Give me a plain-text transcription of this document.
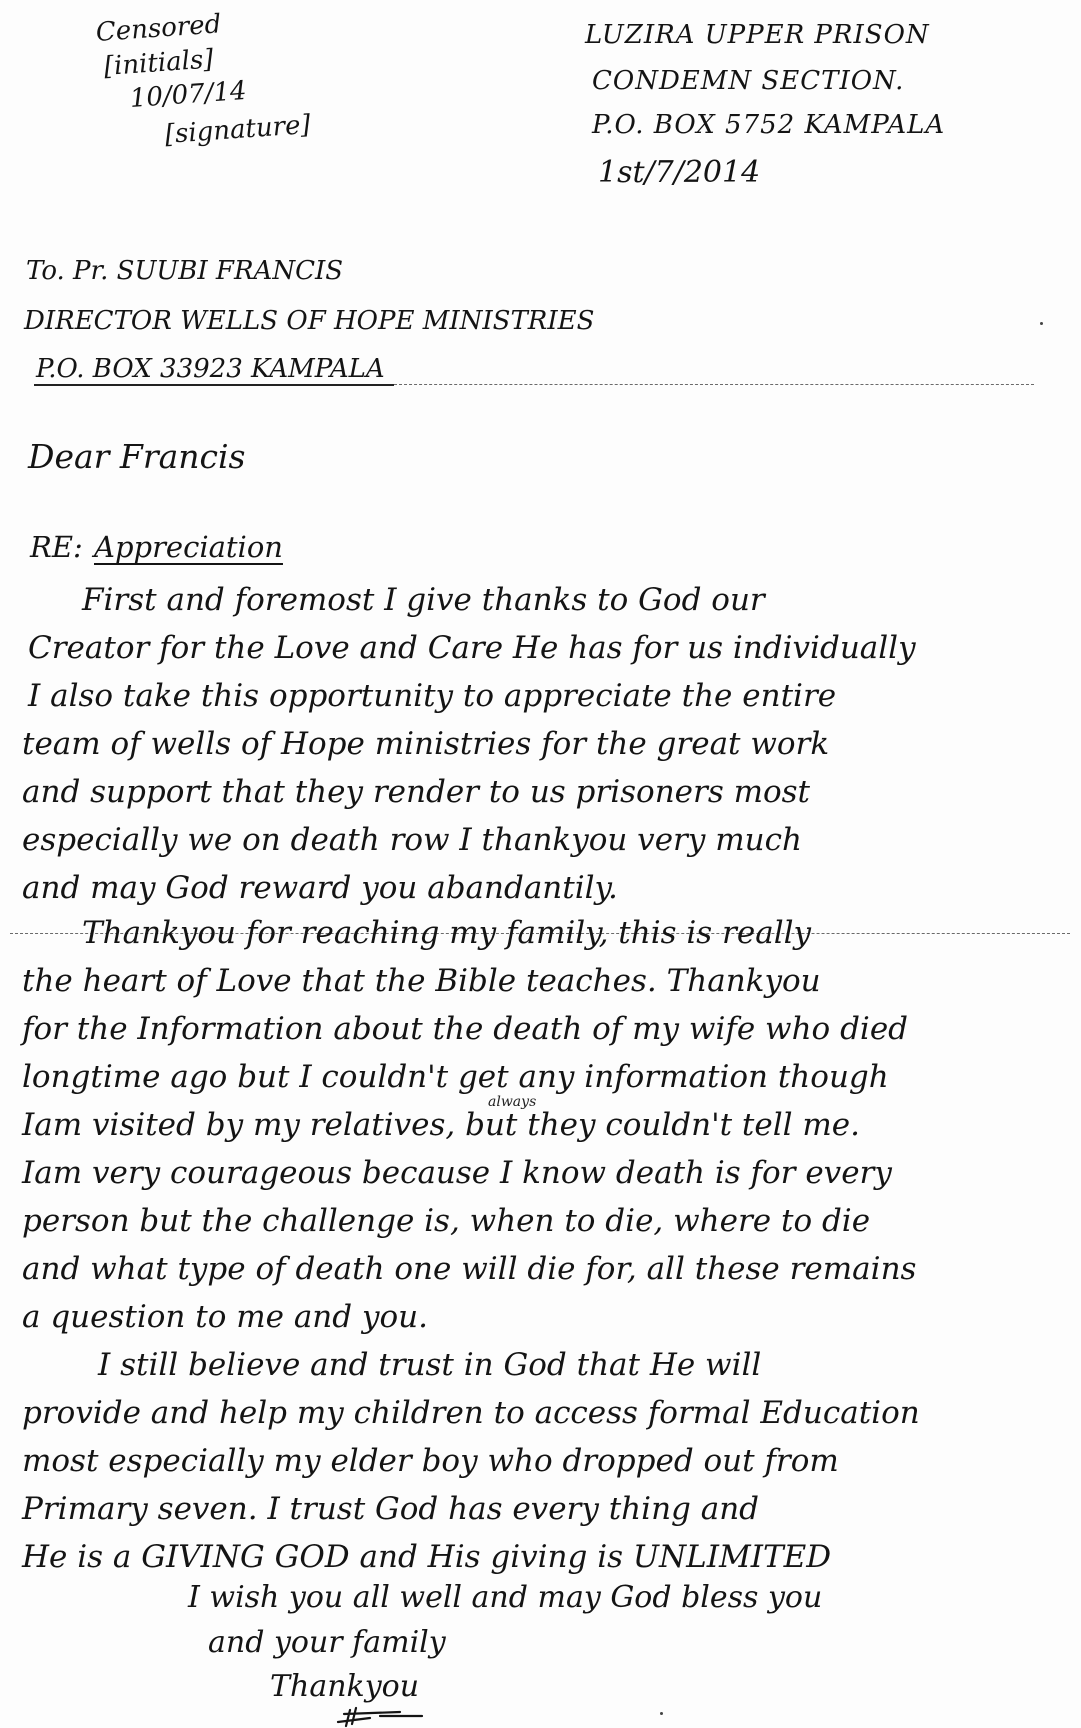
Censored
[initials]
10/07/14
[signature]
LUZIRA UPPER PRISON
CONDEMN SECTION.
P.O. BOX 5752 KAMPALA
1st/7/2014
To. Pr. SUUBI FRANCIS
DIRECTOR WELLS OF HOPE MINISTRIES
P.O. BOX 33923 KAMPALA
Dear Francis
RE: Appreciation
First and foremost I give thanks to God our
Creator for the Love and Care He has for us individually
I also take this opportunity to appreciate the entire
team of wells of Hope ministries for the great work
and support that they render to us prisoners most
especially we on death row I thankyou very much
and may God reward you abandantily.
Thankyou for reaching my family, this is really
the heart of Love that the Bible teaches. Thankyou
for the Information about the death of my wife who died
longtime ago but I couldn't get any information though
always
Iam visited by my relatives, but they couldn't tell me.
Iam very courageous because I know death is for every
person but the challenge is, when to die, where to die
and what type of death one will die for, all these remains
a question to me and you.
I still believe and trust in God that He will
provide and help my children to access formal Education
most especially my elder boy who dropped out from
Primary seven. I trust God has every thing and
He is a GIVING GOD and His giving is UNLIMITED
I wish you all well and may God bless you
and your family
Thankyou
